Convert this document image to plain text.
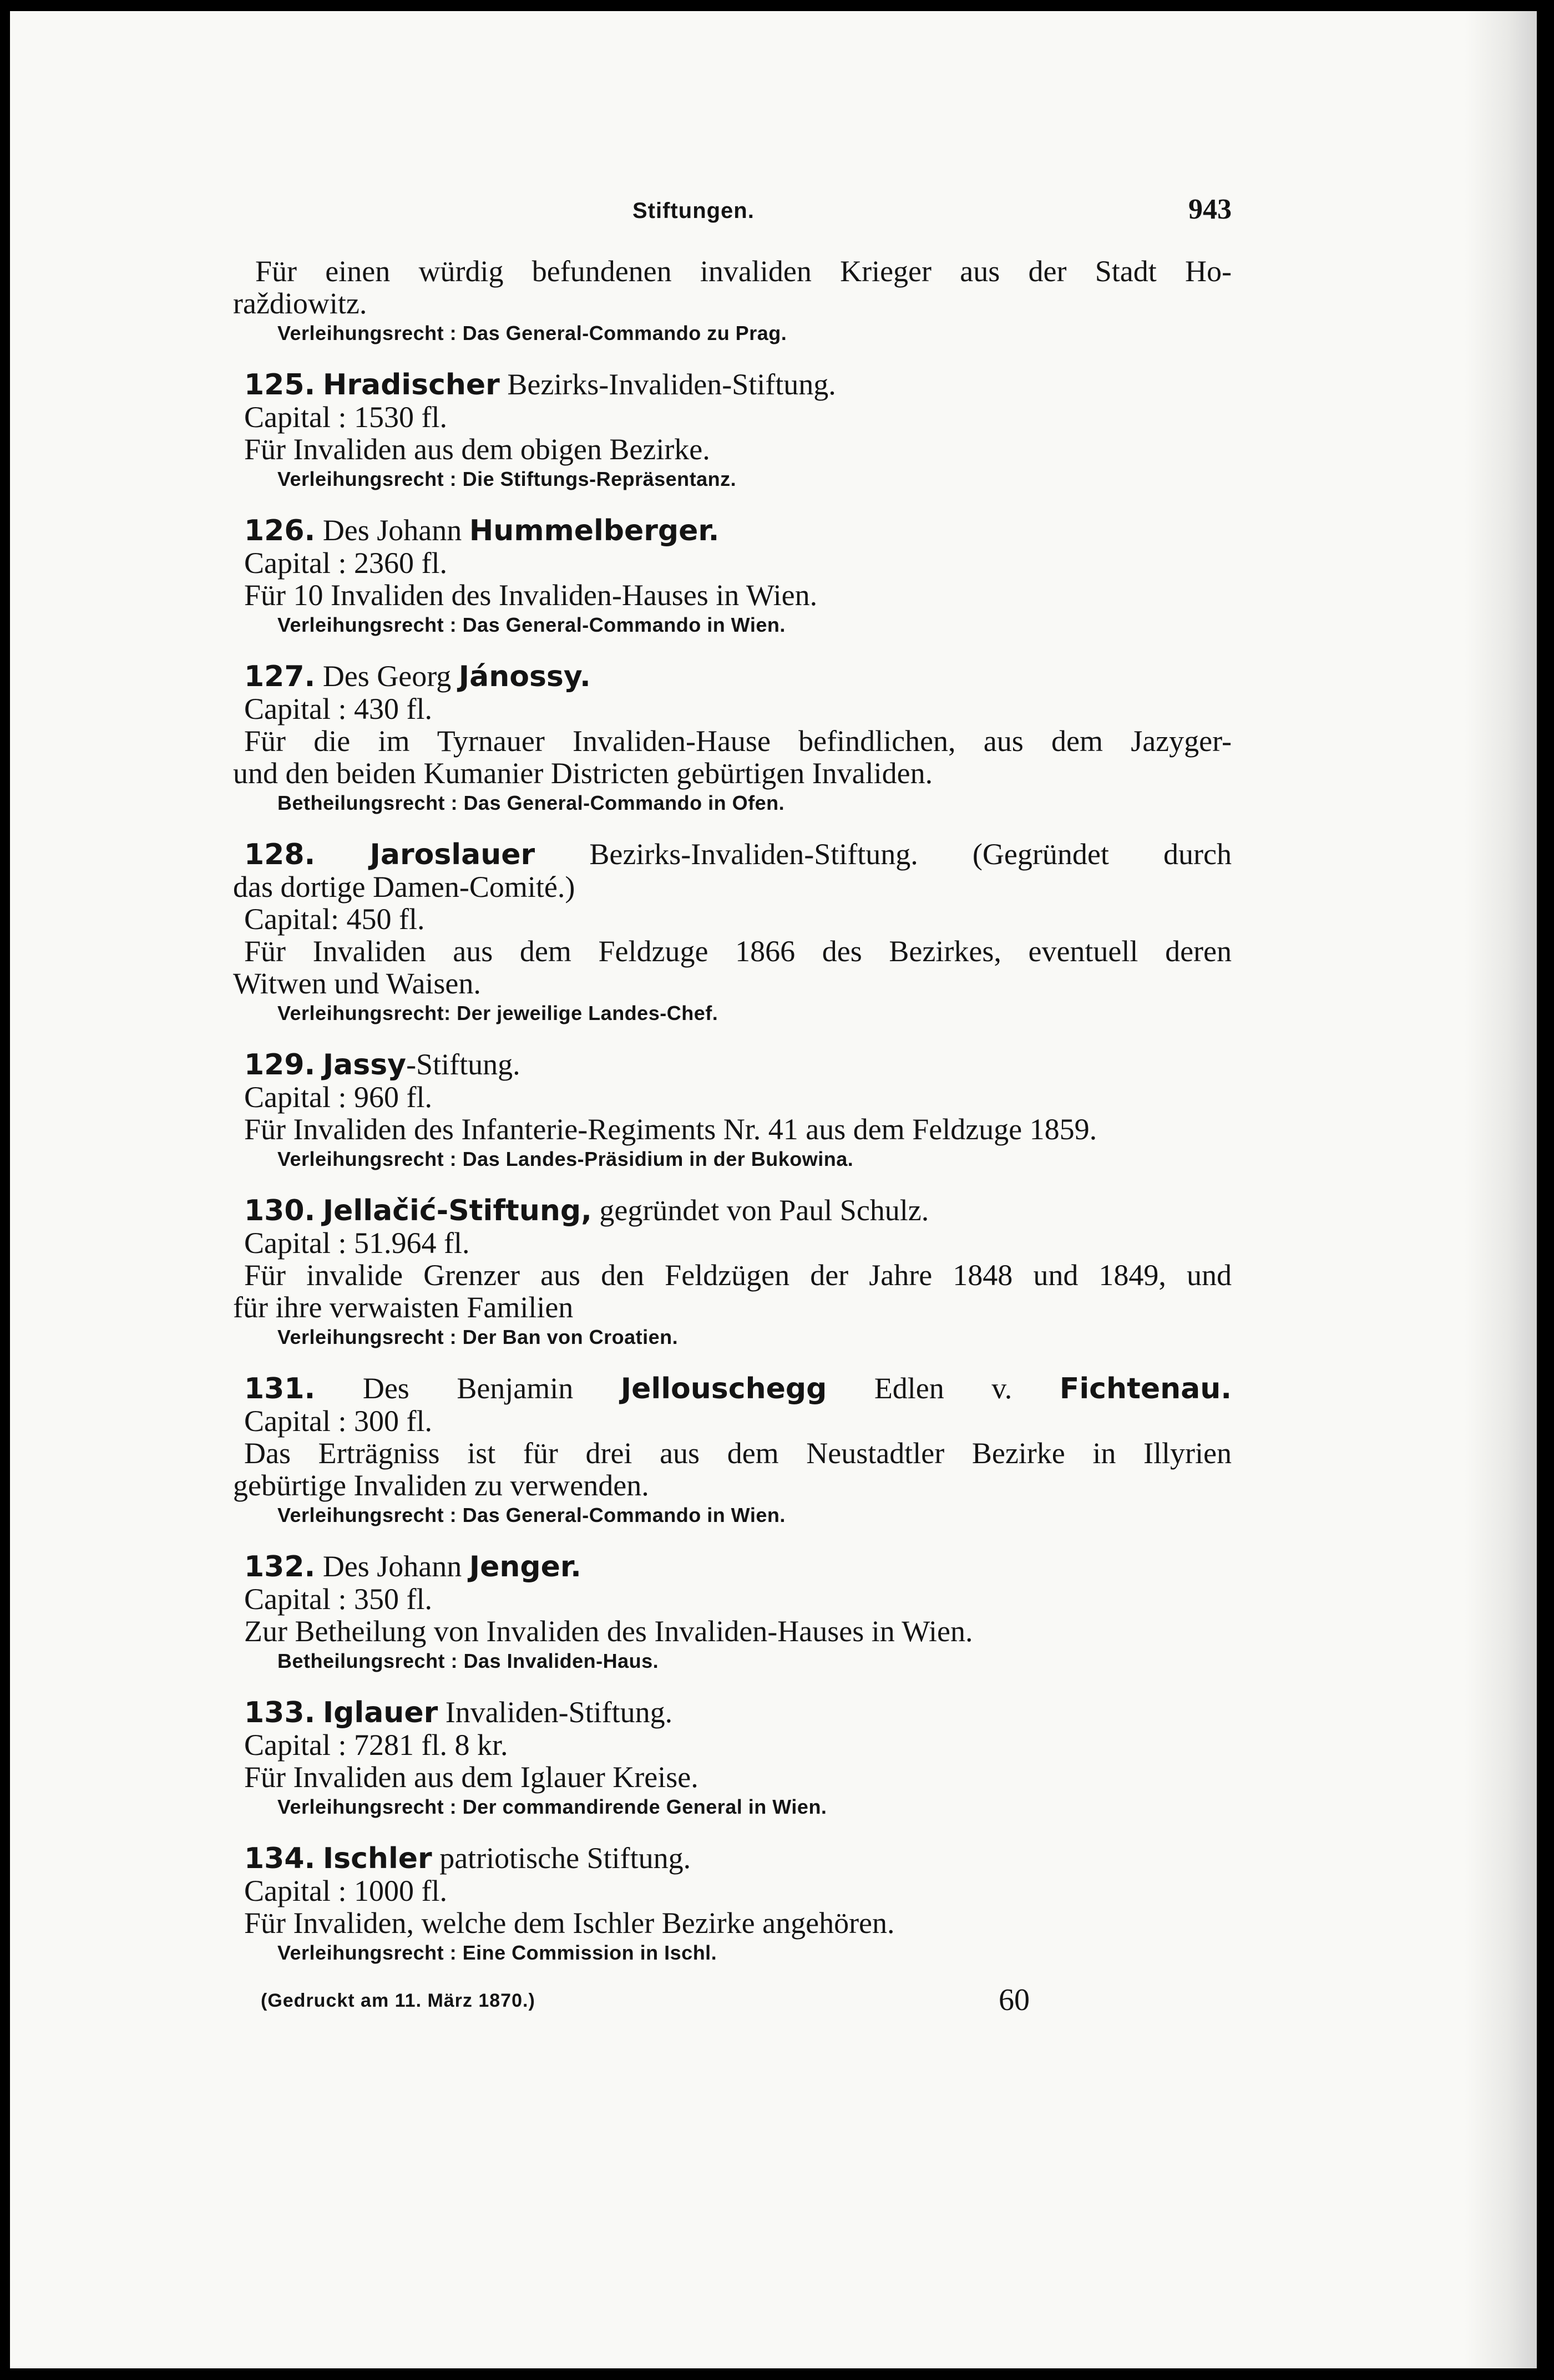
Stiftungen.	943
Für einen würdig befundenen invaliden Krieger aus der Stadt Ho-
raždiowitz.
Verleihungsrecht : Das General-Commando zu Prag.
125. Hradischer Bezirks-Invaliden-Stiftung.
Capital : 1530 fl.
Für Invaliden aus dem obigen Bezirke.
Verleihungsrecht : Die Stiftungs-Repräsentanz.
126. Des Johann Hummelberger.
Capital : 2360 fl.
Für 10 Invaliden des Invaliden-Hauses in Wien.
Verleihungsrecht : Das General-Commando in Wien.
127. Des Georg Jánossy.
Capital : 430 fl.
Für die im Tyrnauer Invaliden-Hause befindlichen, aus dem Jazyger-
und den beiden Kumanier Districten gebürtigen Invaliden.
Betheilungsrecht : Das General-Commando in Ofen.
128. Jaroslauer Bezirks-Invaliden-Stiftung. (Gegründet durch
das dortige Damen-Comité.)
Capital: 450 fl.
Für Invaliden aus dem Feldzuge 1866 des Bezirkes, eventuell deren
Witwen und Waisen.
Verleihungsrecht: Der jeweilige Landes-Chef.
129. Jassy-Stiftung.
Capital : 960 fl.
Für Invaliden des Infanterie-Regiments Nr. 41 aus dem Feldzuge 1859.
Verleihungsrecht : Das Landes-Präsidium in der Bukowina.
130. Jellačić-Stiftung, gegründet von Paul Schulz.
Capital : 51.964 fl.
Für invalide Grenzer aus den Feldzügen der Jahre 1848 und 1849, und
für ihre verwaisten Familien
Verleihungsrecht : Der Ban von Croatien.
131. Des Benjamin Jellouschegg Edlen v. Fichtenau.
Capital : 300 fl.
Das Erträgniss ist für drei aus dem Neustadtler Bezirke in Illyrien
gebürtige Invaliden zu verwenden.
Verleihungsrecht : Das General-Commando in Wien.
132. Des Johann Jenger.
Capital : 350 fl.
Zur Betheilung von Invaliden des Invaliden-Hauses in Wien.
Betheilungsrecht : Das Invaliden-Haus.
133. Iglauer Invaliden-Stiftung.
Capital : 7281 fl. 8 kr.
Für Invaliden aus dem Iglauer Kreise.
Verleihungsrecht : Der commandirende General in Wien.
134. Ischler patriotische Stiftung.
Capital : 1000 fl.
Für Invaliden, welche dem Ischler Bezirke angehören.
Verleihungsrecht : Eine Commission in Ischl.
(Gedruckt am 11. März 1870.)	60
